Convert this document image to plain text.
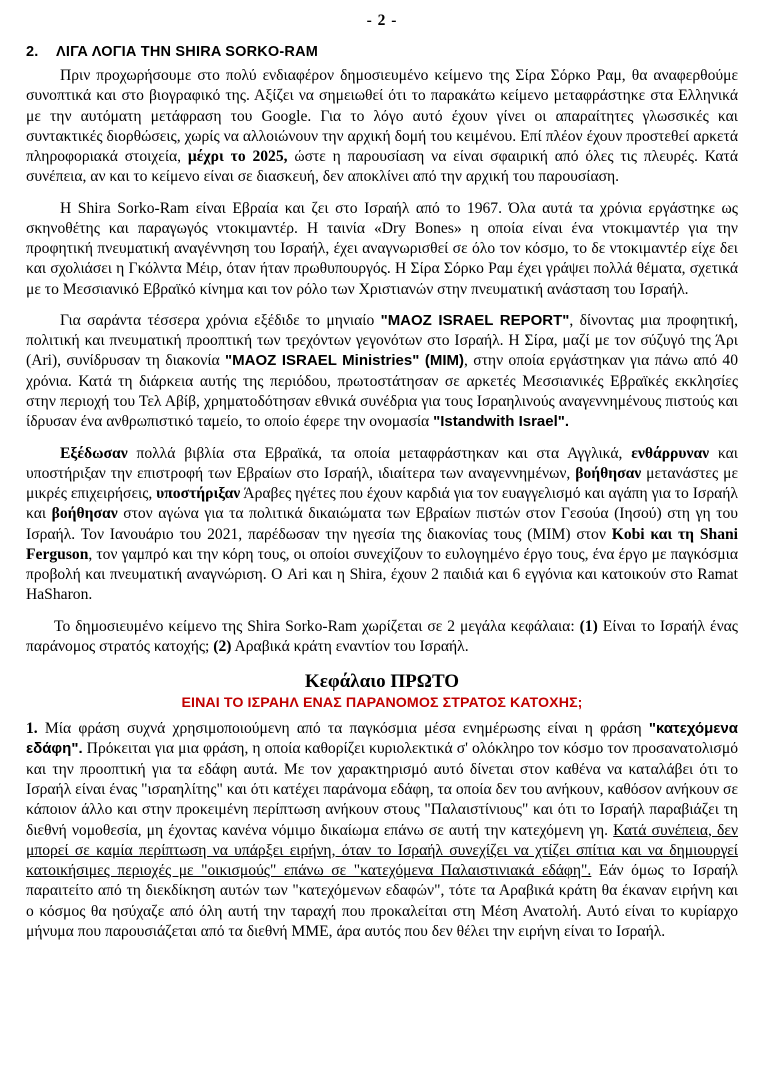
- 2 -
2. ΛΙΓΑ ΛΟΓΙΑ ΤΗΝ SHIRA SORKO-RAM

Πριν προχωρήσουμε στο πολύ ενδιαφέρον δημοσιευμένο κείμενο της Σίρα Σόρκο Ραμ, θα αναφερθούμε συνοπτικά και στο βιογραφικό της. Αξίζει να σημειωθεί ότι το παρακάτω κείμενο μεταφράστηκε στα Ελληνικά με την αυτόματη μετάφραση του Google. Για το λόγο αυτό έχουν γίνει οι απαραίτητες γλωσσικές και συντακτικές διορθώσεις, χωρίς να αλλοιώνουν την αρχική δομή του κειμένου. Επί πλέον έχουν προστεθεί αρκετά πληροφοριακά στοιχεία, μέχρι το 2025, ώστε η παρουσίαση να είναι σφαιρική από όλες τις πλευρές. Κατά συνέπεια, αν και το κείμενο είναι σε διασκευή, δεν αποκλίνει από την αρχική του παρουσίαση.

Η Shira Sorko-Ram είναι Εβραία και ζει στο Ισραήλ από το 1967. Όλα αυτά τα χρόνια εργάστηκε ως σκηνοθέτης και παραγωγός ντοκιμαντέρ. Η ταινία «Dry Bones» η οποία είναι ένα ντοκιμαντέρ για την προφητική πνευματική αναγέννηση του Ισραήλ, έχει αναγνωρισθεί σε όλο τον κόσμο, το δε ντοκιμαντέρ είχε δει και σχολιάσει η Γκόλντα Μέιρ, όταν ήταν πρωθυπουργός. Η Σίρα Σόρκο Ραμ έχει γράψει πολλά θέματα, σχετικά με το Μεσσιανικό Εβραϊκό κίνημα και τον ρόλο των Χριστιανών στην πνευματική ανάσταση του Ισραήλ.

Για σαράντα τέσσερα χρόνια εξέδιδε το μηνιαίο "MAOZ ISRAEL REPORT", δίνοντας μια προφητική, πολιτική και πνευματική προοπτική των τρεχόντων γεγονότων στο Ισραήλ. Η Σίρα, μαζί με τον σύζυγό της Άρι (Ari), συνίδρυσαν τη διακονία "MAOZ ISRAEL Ministries" (MIM), στην οποία εργάστηκαν για πάνω από 40 χρόνια. Κατά τη διάρκεια αυτής της περιόδου, πρωτοστάτησαν σε αρκετές Μεσσιανικές Εβραϊκές εκκλησίες στην περιοχή του Τελ Αβίβ, χρηματοδότησαν εθνικά συνέδρια για τους Ισραηλινούς αναγεννημένους πιστούς και ίδρυσαν ένα ανθρωπιστικό ταμείο, το οποίο έφερε την ονομασία "Istandwith Israel".

Εξέδωσαν πολλά βιβλία στα Εβραϊκά, τα οποία μεταφράστηκαν και στα Αγγλικά, ενθάρρυναν και υποστήριξαν την επιστροφή των Εβραίων στο Ισραήλ, ιδιαίτερα των αναγεννημένων, βοήθησαν μετανάστες με μικρές επιχειρήσεις, υποστήριξαν Άραβες ηγέτες που έχουν καρδιά για τον ευαγγελισμό και αγάπη για το Ισραήλ και βοήθησαν στον αγώνα για τα πολιτικά δικαιώματα των Εβραίων πιστών στον Γεσούα (Ιησού) στη γη του Ισραήλ. Τον Ιανουάριο του 2021, παρέδωσαν την ηγεσία της διακονίας τους (MIM) στον Kobi και τη Shani Ferguson, τον γαμπρό και την κόρη τους, οι οποίοι συνεχίζουν το ευλογημένο έργο τους, ένα έργο με παγκόσμια προβολή και πνευματική αναγνώριση. Ο Ari και η Shira, έχουν 2 παιδιά και 6 εγγόνια και κατοικούν στο Ramat HaSharon.

Το δημοσιευμένο κείμενο της Shira Sorko-Ram χωρίζεται σε 2 μεγάλα κεφάλαια: (1) Είναι το Ισραήλ ένας παράνομος στρατός κατοχής; (2) Αραβικά κράτη εναντίον του Ισραήλ.

Κεφάλαιο ΠΡΩΤΟ
ΕΙΝΑΙ ΤΟ ΙΣΡΑΗΛ ΕΝΑΣ ΠΑΡΑΝΟΜΟΣ ΣΤΡΑΤΟΣ ΚΑΤΟΧΗΣ;

1. Μία φράση συχνά χρησιμοποιούμενη από τα παγκόσμια μέσα ενημέρωσης είναι η φράση "κατεχόμενα εδάφη". Πρόκειται για μια φράση, η οποία καθορίζει κυριολεκτικά σ' ολόκληρο τον κόσμο τον προσανατολισμό και την προοπτική για τα εδάφη αυτά. Με τον χαρακτηρισμό αυτό δίνεται στον καθένα να καταλάβει ότι το Ισραήλ είναι ένας "ισραηλίτης" και ότι κατέχει παράνομα εδάφη, τα οποία δεν του ανήκουν, καθόσον ανήκουν σε κάποιον άλλο και στην προκειμένη περίπτωση ανήκουν στους "Παλαιστίνιους" και ότι το Ισραήλ παραβιάζει τη διεθνή νομοθεσία, μη έχοντας κανένα νόμιμο δικαίωμα επάνω σε αυτή την κατεχόμενη γη. Κατά συνέπεια, δεν μπορεί σε καμία περίπτωση να υπάρξει ειρήνη, όταν το Ισραήλ συνεχίζει να χτίζει σπίτια και να δημιουργεί κατοικήσιμες περιοχές με "οικισμούς" επάνω σε "κατεχόμενα Παλαιστινιακά εδάφη". Εάν όμως το Ισραήλ παραιτείτο από τη διεκδίκηση αυτών των "κατεχόμενων εδαφών", τότε τα Αραβικά κράτη θα έκαναν ειρήνη και ο κόσμος θα ησύχαζε από όλη αυτή την ταραχή που προκαλείται στη Μέση Ανατολή. Αυτό είναι το κυρίαρχο μήνυμα που παρουσιάζεται από τα διεθνή ΜΜΕ, άρα αυτός που δεν θέλει την ειρήνη είναι το Ισραήλ.
